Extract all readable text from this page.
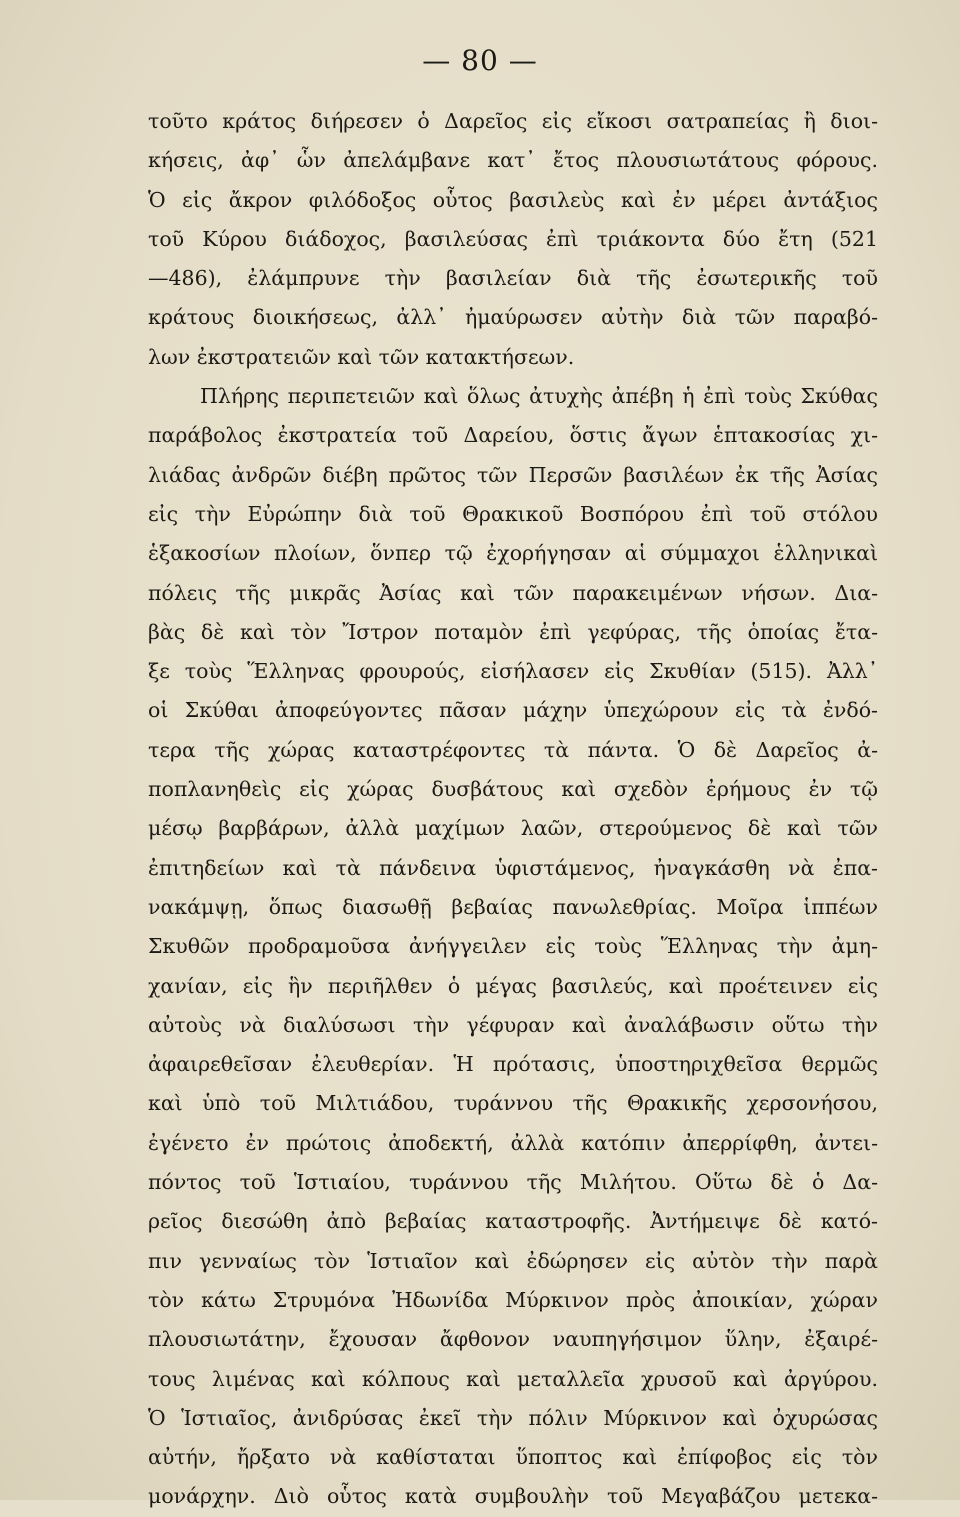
— 80 —
τοῦτο κράτος διήρεσεν ὁ Δαρεῖος εἰς εἴκοσι σατραπείας ἢ διοι-
κήσεις, ἀφ᾽ ὧν ἀπελάμβανε κατ᾽ ἔτος πλουσιωτάτους φόρους.
Ὁ εἰς ἄκρον φιλόδοξος οὗτος βασιλεὺς καὶ ἐν μέρει ἀντάξιος
τοῦ Κύρου διάδοχος, βασιλεύσας ἐπὶ τριάκοντα δύο ἔτη (521
—486), ἐλάμπρυνε τὴν βασιλείαν διὰ τῆς ἐσωτερικῆς τοῦ
κράτους διοικήσεως, ἀλλ᾽ ἠμαύρωσεν αὐτὴν διὰ τῶν παραβό-
λων ἐκστρατειῶν καὶ τῶν κατακτήσεων.
Πλήρης περιπετειῶν καὶ ὅλως ἀτυχὴς ἀπέβη ἡ ἐπὶ τοὺς Σκύθας
παράβολος ἐκστρατεία τοῦ Δαρείου, ὅστις ἄγων ἑπτακοσίας χι-
λιάδας ἀνδρῶν διέβη πρῶτος τῶν Περσῶν βασιλέων ἐκ τῆς Ἀσίας
εἰς τὴν Εὐρώπην διὰ τοῦ Θρακικοῦ Βοσπόρου ἐπὶ τοῦ στόλου
ἑξακοσίων πλοίων, ὅνπερ τῷ ἐχορήγησαν αἱ σύμμαχοι ἑλληνικαὶ
πόλεις τῆς μικρᾶς Ἀσίας καὶ τῶν παρακειμένων νήσων. Δια-
βὰς δὲ καὶ τὸν Ἴστρον ποταμὸν ἐπὶ γεφύρας, τῆς ὁποίας ἔτα-
ξε τοὺς Ἕλληνας φρουρούς, εἰσήλασεν εἰς Σκυθίαν (515). Ἀλλ᾽
οἱ Σκύθαι ἀποφεύγοντες πᾶσαν μάχην ὑπεχώρουν εἰς τὰ ἐνδό-
τερα τῆς χώρας καταστρέφοντες τὰ πάντα. Ὁ δὲ Δαρεῖος ἀ-
ποπλανηθεὶς εἰς χώρας δυσβάτους καὶ σχεδὸν ἐρήμους ἐν τῷ
μέσῳ βαρβάρων, ἀλλὰ μαχίμων λαῶν, στερούμενος δὲ καὶ τῶν
ἐπιτηδείων καὶ τὰ πάνδεινα ὑφιστάμενος, ἠναγκάσθη νὰ ἐπα-
νακάμψῃ, ὅπως διασωθῇ βεβαίας πανωλεθρίας. Μοῖρα ἱππέων
Σκυθῶν προδραμοῦσα ἀνήγγειλεν εἰς τοὺς Ἕλληνας τὴν ἀμη-
χανίαν, εἰς ἣν περιῆλθεν ὁ μέγας βασιλεύς, καὶ προέτεινεν εἰς
αὐτοὺς νὰ διαλύσωσι τὴν γέφυραν καὶ ἀναλάβωσιν οὕτω τὴν
ἀφαιρεθεῖσαν ἐλευθερίαν. Ἡ πρότασις, ὑποστηριχθεῖσα θερμῶς
καὶ ὑπὸ τοῦ Μιλτιάδου, τυράννου τῆς Θρακικῆς χερσονήσου,
ἐγένετο ἐν πρώτοις ἀποδεκτή, ἀλλὰ κατόπιν ἀπερρίφθη, ἀντει-
πόντος τοῦ Ἱστιαίου, τυράννου τῆς Μιλήτου. Οὕτω δὲ ὁ Δα-
ρεῖος διεσώθη ἀπὸ βεβαίας καταστροφῆς. Ἀντήμειψε δὲ κατό-
πιν γενναίως τὸν Ἱστιαῖον καὶ ἐδώρησεν εἰς αὐτὸν τὴν παρὰ
τὸν κάτω Στρυμόνα Ἠδωνίδα Μύρκινον πρὸς ἀποικίαν, χώραν
πλουσιωτάτην, ἔχουσαν ἄφθονον ναυπηγήσιμον ὕλην, ἐξαιρέ-
τους λιμένας καὶ κόλπους καὶ μεταλλεῖα χρυσοῦ καὶ ἀργύρου.
Ὁ Ἱστιαῖος, ἀνιδρύσας ἐκεῖ τὴν πόλιν Μύρκινον καὶ ὀχυρώσας
αὐτήν, ἤρξατο νὰ καθίσταται ὕποπτος καὶ ἐπίφοβος εἰς τὸν
μονάρχην. Διὸ οὗτος κατὰ συμβουλὴν τοῦ Μεγαβάζου μετεκα-
